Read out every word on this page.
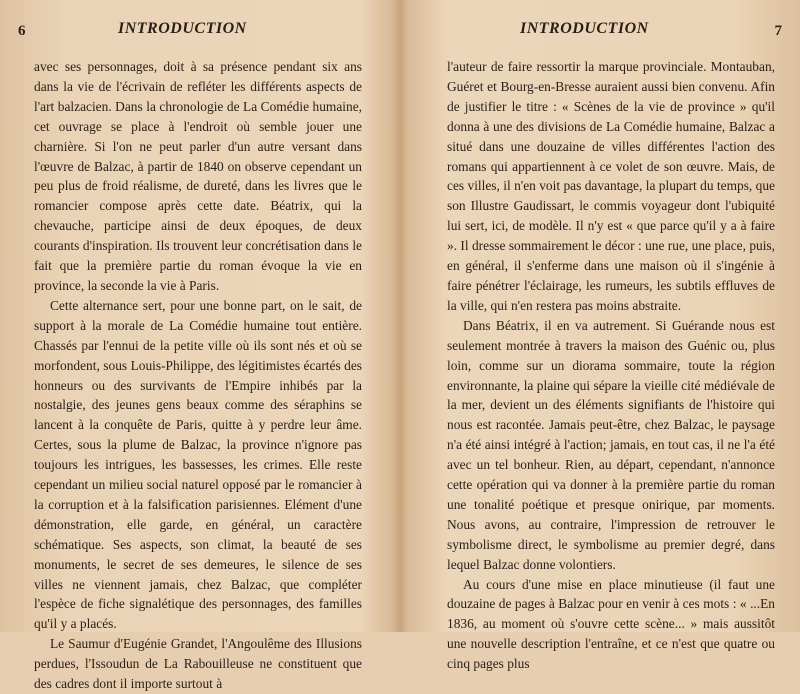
6	INTRODUCTION

avec ses personnages, doit à sa présence pendant six ans dans la vie de l'écrivain de refléter les différents aspects de l'art balzacien. Dans la chronologie de La Comédie humaine, cet ouvrage se place à l'endroit où semble jouer une charnière. Si l'on ne peut parler d'un autre versant dans l'œuvre de Balzac, à partir de 1840 on observe cependant un peu plus de froid réalisme, de dureté, dans les livres que le romancier compose après cette date. Béatrix, qui la chevauche, participe ainsi de deux époques, de deux courants d'inspiration. Ils trouvent leur concrétisation dans le fait que la première partie du roman évoque la vie en province, la seconde la vie à Paris.

Cette alternance sert, pour une bonne part, on le sait, de support à la morale de La Comédie humaine tout entière. Chassés par l'ennui de la petite ville où ils sont nés et où se morfondent, sous Louis-Philippe, des légitimistes écartés des honneurs ou des survivants de l'Empire inhibés par la nostalgie, des jeunes gens beaux comme des séraphins se lancent à la conquête de Paris, quitte à y perdre leur âme. Certes, sous la plume de Balzac, la province n'ignore pas toujours les intrigues, les bassesses, les crimes. Elle reste cependant un milieu social naturel opposé par le romancier à la corruption et à la falsification parisiennes. Elément d'une démonstration, elle garde, en général, un caractère schématique. Ses aspects, son climat, la beauté de ses monuments, le secret de ses demeures, le silence de ses villes ne viennent jamais, chez Balzac, que compléter l'espèce de fiche signalétique des personnages, des familles qu'il y a placés.

Le Saumur d'Eugénie Grandet, l'Angoulême des Illusions perdues, l'Issoudun de La Rabouilleuse ne constituent que des cadres dont il importe surtout à

INTRODUCTION	7

l'auteur de faire ressortir la marque provinciale. Montauban, Guéret et Bourg-en-Bresse auraient aussi bien convenu. Afin de justifier le titre : « Scènes de la vie de province » qu'il donna à une des divisions de La Comédie humaine, Balzac a situé dans une douzaine de villes différentes l'action des romans qui appartiennent à ce volet de son œuvre. Mais, de ces villes, il n'en voit pas davantage, la plupart du temps, que son Illustre Gaudissart, le commis voyageur dont l'ubiquité lui sert, ici, de modèle. Il n'y est « que parce qu'il y a à faire ». Il dresse sommairement le décor : une rue, une place, puis, en général, il s'enferme dans une maison où il s'ingénie à faire pénétrer l'éclairage, les rumeurs, les subtils effluves de la ville, qui n'en restera pas moins abstraite.

Dans Béatrix, il en va autrement. Si Guérande nous est seulement montrée à travers la maison des Guénic ou, plus loin, comme sur un diorama sommaire, toute la région environnante, la plaine qui sépare la vieille cité médiévale de la mer, devient un des éléments signifiants de l'histoire qui nous est racontée. Jamais peut-être, chez Balzac, le paysage n'a été ainsi intégré à l'action; jamais, en tout cas, il ne l'a été avec un tel bonheur. Rien, au départ, cependant, n'annonce cette opération qui va donner à la première partie du roman une tonalité poétique et presque onirique, par moments. Nous avons, au contraire, l'impression de retrouver le symbolisme direct, le symbolisme au premier degré, dans lequel Balzac donne volontiers.

Au cours d'une mise en place minutieuse (il faut une douzaine de pages à Balzac pour en venir à ces mots : « ...En 1836, au moment où s'ouvre cette scène... » mais aussitôt une nouvelle description l'entraîne, et ce n'est que quatre ou cinq pages plus
